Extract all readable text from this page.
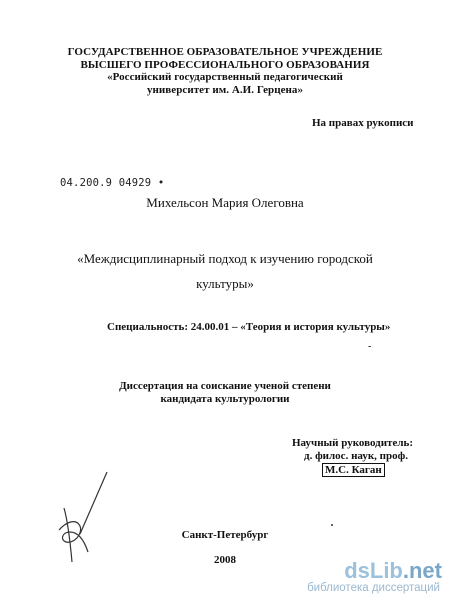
ГОСУДАРСТВЕННОЕ ОБРАЗОВАТЕЛЬНОЕ УЧРЕЖДЕНИЕ
ВЫСШЕГО ПРОФЕССИОНАЛЬНОГО ОБРАЗОВАНИЯ
«Российский государственный педагогический
университет им. А.И. Герцена»
На правах рукописи
04.200.9 04929 •
Михельсон Мария Олеговна
«Междисциплинарный подход к изучению городской
культуры»
Специальность: 24.00.01 – «Теория и история культуры»
-
Диссертация на соискание ученой степени
кандидата культурологии
Научный руководитель:
д. филос. наук, проф.
М.С. Каган
Санкт-Петербург
2008	dsLib.net
библиотека диссертаций
